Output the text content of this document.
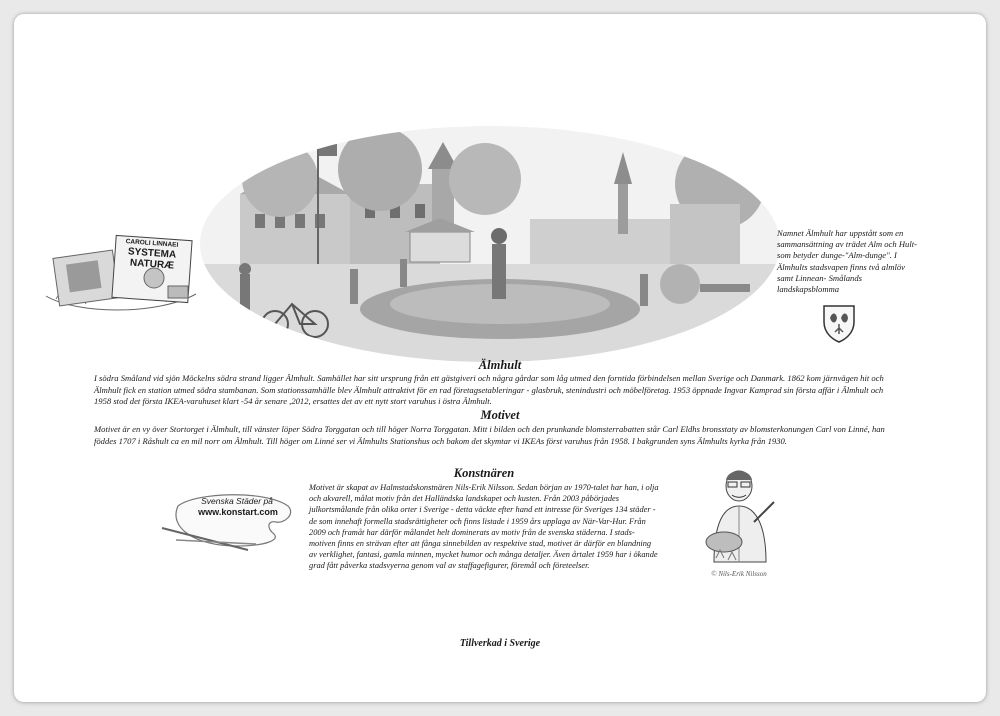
CAROLI LINNAEI
SYSTEMA
NATURÆ
Namnet Älmhult har uppstått som en sammansättning av trädet Alm och Hult-som betyder dunge-"Alm-dunge". I Älmhults stadsvapen finns två almlöv samt Linnean- Smålands landskapsblomma
Älmhult
I södra Småland vid sjön Möckelns södra strand ligger Älmhult. Samhället har sitt ursprung från ett gästgiveri och några gårdar som låg utmed den forntida förbindelsen mellan Sverige och Danmark. 1862 kom järnvägen hit och Älmhult fick en station utmed södra stambanan. Som stationssamhälle blev Älmhult attraktivt för en rad företagsetableringar - glasbruk, stenindustri och möbelföretag. 1953 öppnade Ingvar Kamprad sin första affär i Älmhult och 1958 stod det första IKEA-varuhuset klart -54 år senare ,2012, ersattes det av ett nytt stort varuhus i östra Älmhult.
Motivet
Motivet är en vy över Stortorget i Älmhult, till vänster löper Södra Torggatan och till höger Norra Torggatan. Mitt i bilden och den prunkande blomsterrabatten står Carl Eldhs bronsstaty av blomsterkonungen Carl von Linné, han föddes 1707 i Råshult ca en mil norr om Älmhult. Till höger om Linné ser vi Älmhults Stationshus och bakom det skymtar vi IKEAs först varuhus från 1958. I bakgrunden syns Älmhults kyrka från 1930.
Konstnären
Motivet är skapat av Halmstadskonstnären Nils-Erik Nilsson. Sedan början av 1970-talet har han, i olja och akvarell, målat motiv från det Halländska landskapet och kusten. Från 2003 påbörjades julkortsmålande från olika orter i Sverige - detta väckte efter hand ett intresse för Sveriges 134 städer - de som innehaft formella stadsrättigheter och finns listade i 1959 års upplaga av När-Var-Hur. Från 2009 och framåt har därför målandet helt dominerats av motiv från de svenska städerna. I stads-motiven finns en strävan efter att fånga sinnebilden av respektive stad, motivet är därför en blandning av verklighet, fantasi, gamla minnen, mycket humor och många detaljer. Även årtalet 1959 har i ökande grad fått påverka stadsvyerna genom val av staffagefigurer, föremål och företeelser.
Svenska Städer på
www.konstart.com
© Nils-Erik Nilsson
Tillverkad i Sverige
